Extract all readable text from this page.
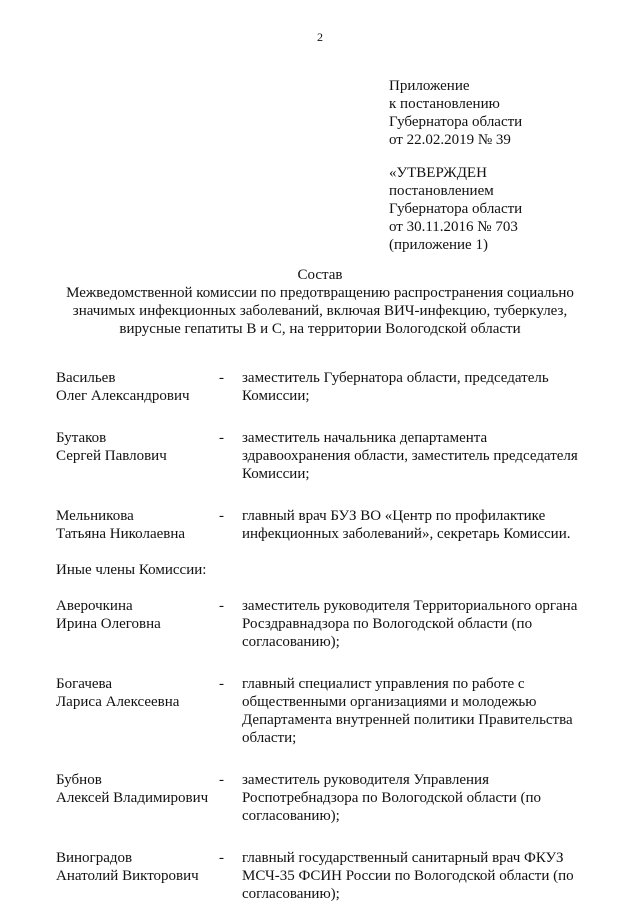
2
Приложение
к постановлению
Губернатора области
от 22.02.2019 № 39
«УТВЕРЖДЕН
постановлением
Губернатора области
от 30.11.2016 № 703
(приложение 1)
Состав
Межведомственной комиссии по предотвращению распространения социально
значимых инфекционных заболеваний, включая ВИЧ-инфекцию, туберкулез,
вирусные гепатиты В и С, на территории Вологодской области
Васильев
Олег Александрович
- заместитель Губернатора области, председатель
Комиссии;
Бутаков
Сергей Павлович
- заместитель начальника департамента
здравоохранения области, заместитель председателя
Комиссии;
Мельникова
Татьяна Николаевна
- главный врач БУЗ ВО «Центр по профилактике
инфекционных заболеваний», секретарь Комиссии.

Иные члены Комиссии:

Аверочкина
Ирина Олеговна
- заместитель руководителя Территориального органа
Росздравнадзора по Вологодской области (по
согласованию);
Богачева
Лариса Алексеевна
- главный специалист управления по работе с
общественными организациями и молодежью
Департамента внутренней политики Правительства
области;
Бубнов
Алексей Владимирович
- заместитель руководителя Управления
Роспотребнадзора по Вологодской области (по
согласованию);
Виноградов
Анатолий Викторович
- главный государственный санитарный врач ФКУЗ
МСЧ-35 ФСИН России по Вологодской области (по
согласованию);
